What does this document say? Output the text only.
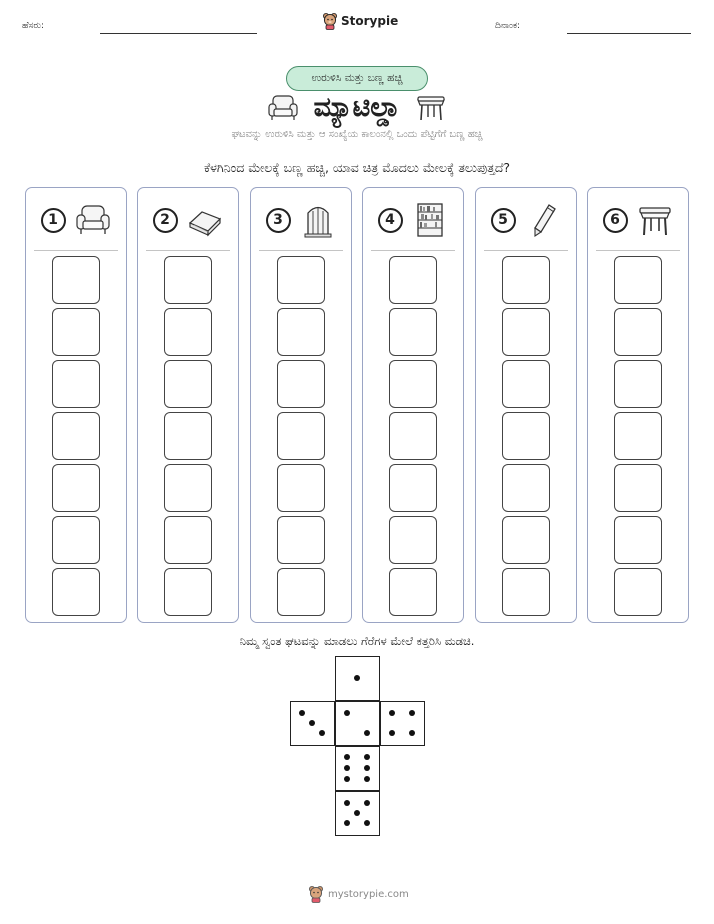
ಹೆಸರು:	Storypie	ದಿನಾಂಕ:
ಉರುಳಿಸಿ ಮತ್ತು ಬಣ್ಣ ಹಚ್ಚಿ
ಮ್ಯಾಟಿಲ್ಡಾ
ಘಟವನ್ನು ಉರುಳಿಸಿ ಮತ್ತು ಆ ಸಂಖ್ಯೆಯ ಕಾಲಂನಲ್ಲಿ ಒಂದು ಪೆಟ್ಟಿಗೆಗೆ ಬಣ್ಣ ಹಚ್ಚಿ
ಕೆಳಗಿನಿಂದ ಮೇಲಕ್ಕೆ ಬಣ್ಣ ಹಚ್ಚಿ, ಯಾವ ಚಿತ್ರ ಮೊದಲು ಮೇಲಕ್ಕೆ ತಲುಪುತ್ತದೆ?
1	2	3	4	5	6
ನಿಮ್ಮ ಸ್ವಂತ ಘಟವನ್ನು ಮಾಡಲು ಗೆರೆಗಳ ಮೇಲೆ ಕತ್ತರಿಸಿ ಮಡಚಿ.
mystorypie.com
